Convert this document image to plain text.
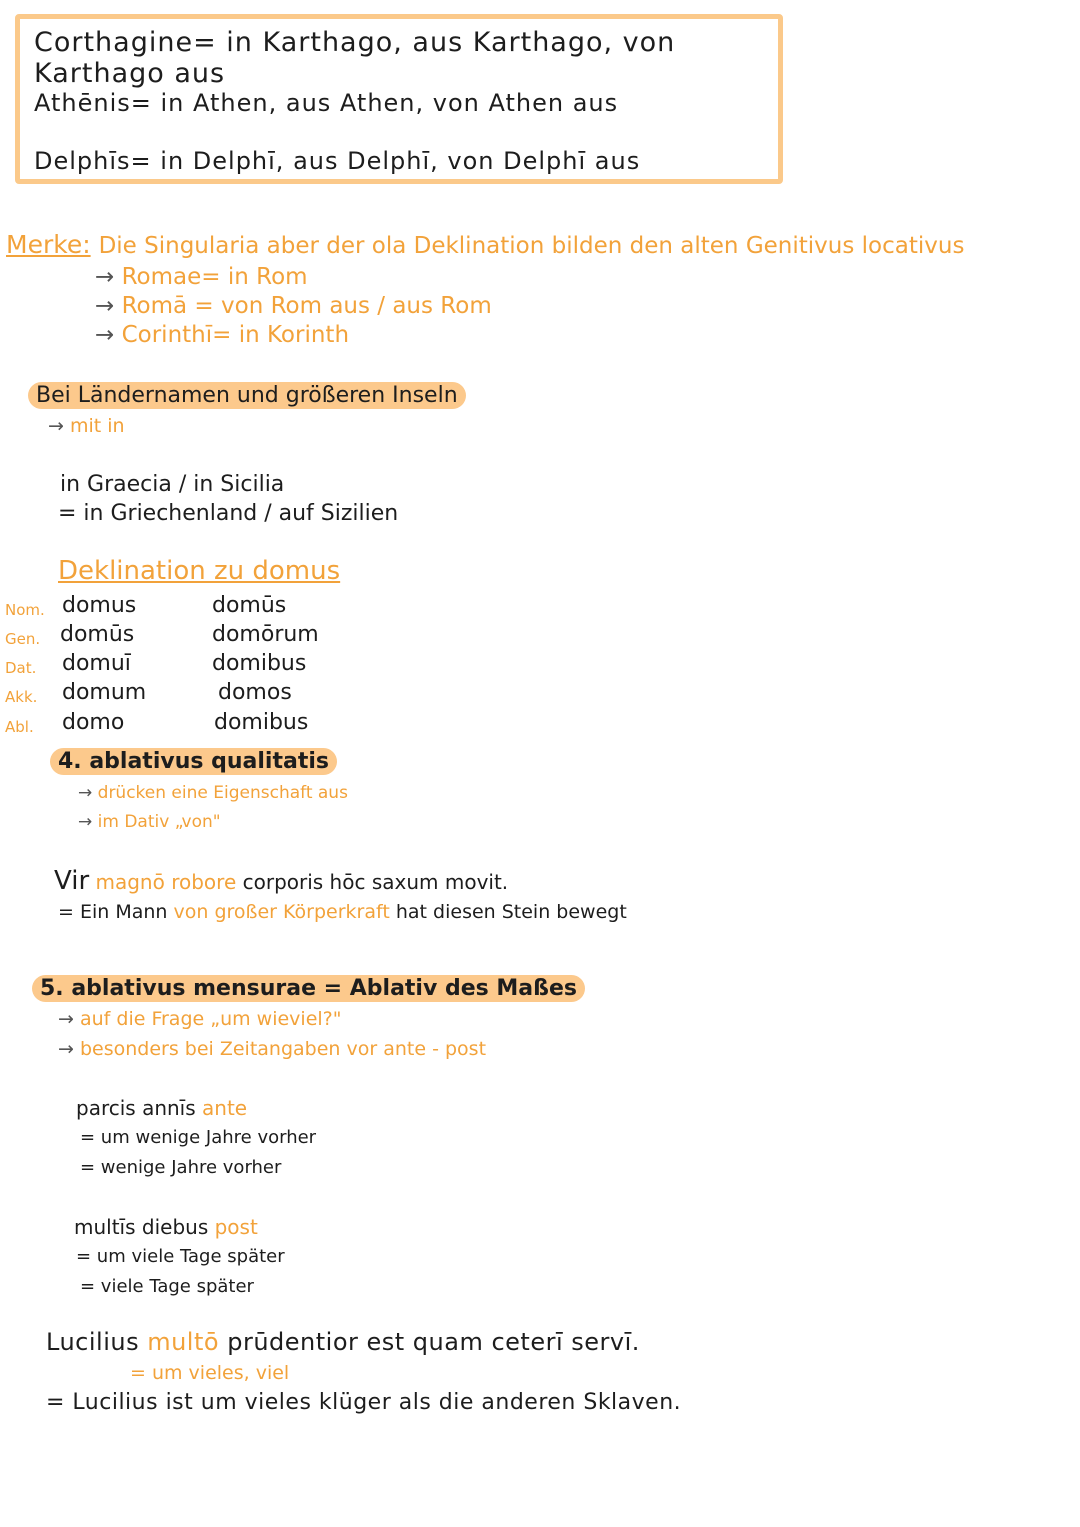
Corthagine= in Karthago, aus Karthago, von Karthago aus
Athēnis= in Athen, aus Athen, von Athen aus
Delphīs= in Delphī, aus Delphī, von Delphī aus
Merke: Die Singularia aber der ola Deklination bilden den alten Genitivus locativus
→ Romae= in Rom
→ Romā = von Rom aus / aus Rom
→ Corinthī= in Korinth
Bei Ländernamen und größeren Inseln
→ mit in
in Graecia / in Sicilia
= in Griechenland / auf Sizilien
Deklination zu domus
Nom. domus	domūs
Gen. domūs	domōrum
Dat. domuī	domibus
Akk. domum	domos
Abl. domo	domibus
4. ablativus qualitatis
→ drücken eine Eigenschaft aus
→ im Dativ „von"
Vir magnō robore corporis hōc saxum movit.
= Ein Mann von großer Körperkraft hat diesen Stein bewegt
5. ablativus mensurae = Ablativ des Maßes
→ auf die Frage „um wieviel?"
→ besonders bei Zeitangaben vor ante - post
parcis annīs ante
= um wenige Jahre vorher
= wenige Jahre vorher
multīs diebus post
= um viele Tage später
= viele Tage später
Lucilius multō prūdentior est quam ceterī servī.
= um vieles, viel
= Lucilius ist um vieles klüger als die anderen Sklaven.
